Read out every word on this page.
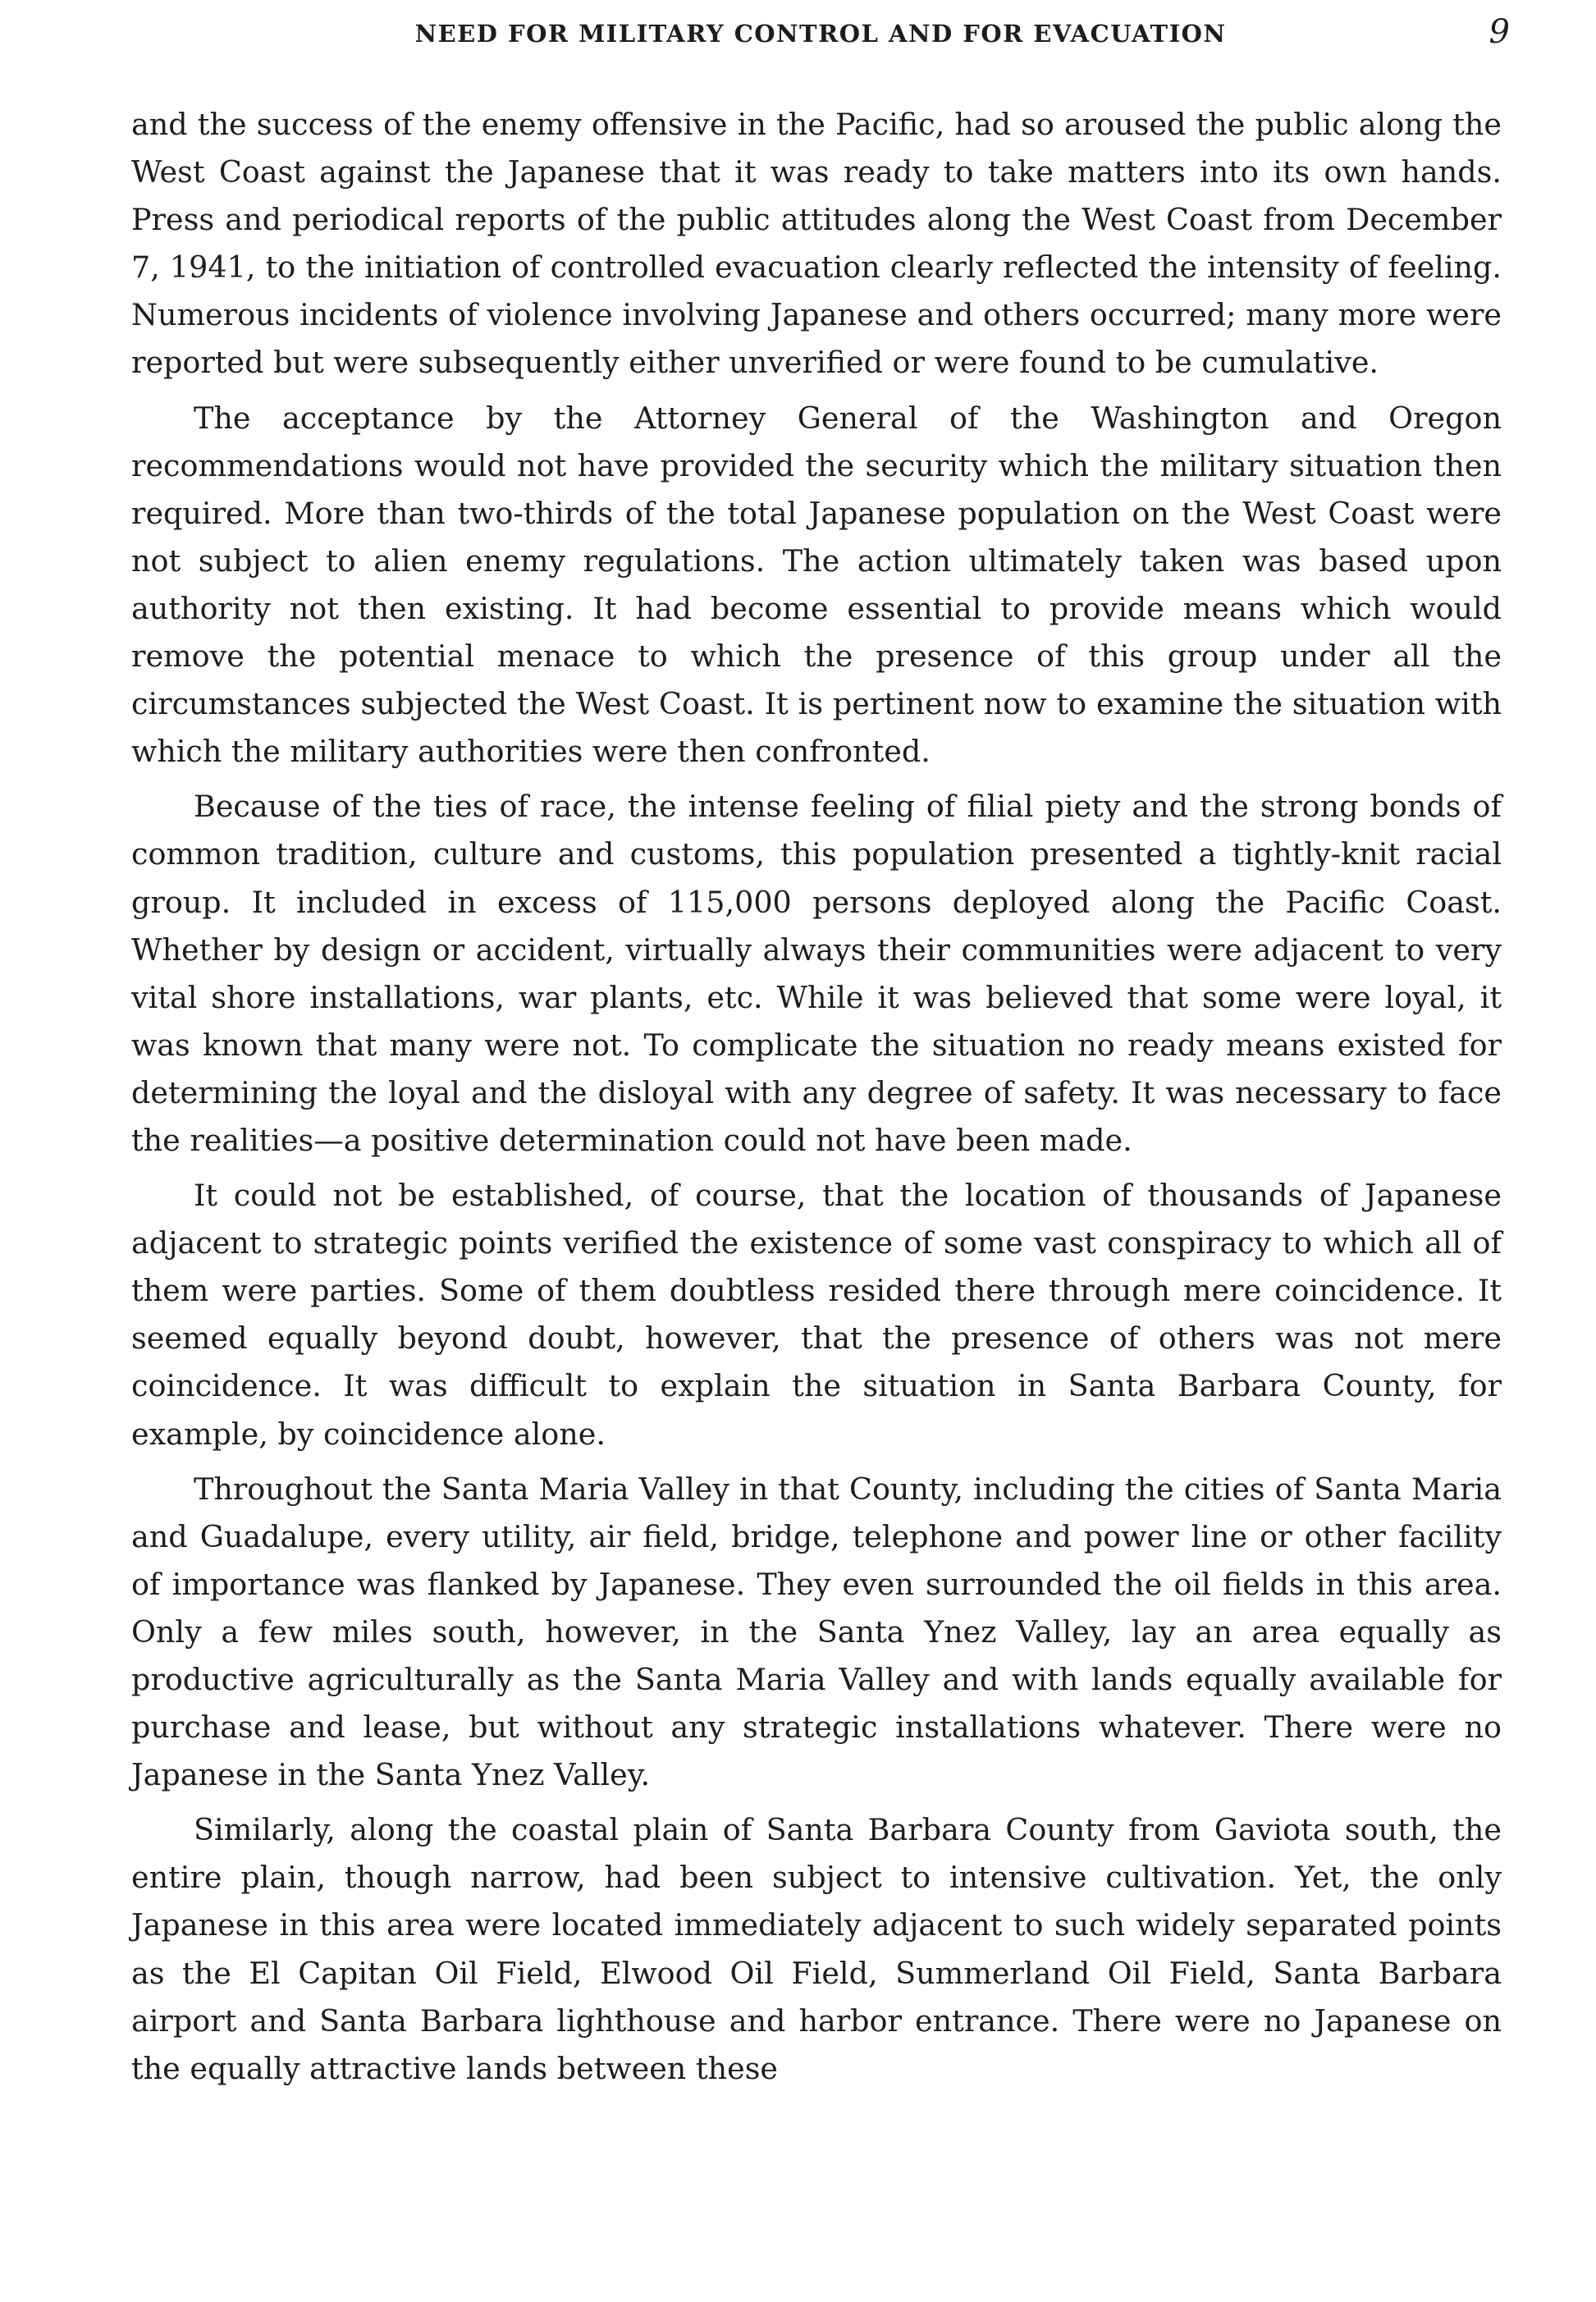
NEED FOR MILITARY CONTROL AND FOR EVACUATION	9

and the success of the enemy offensive in the Pacific, had so aroused the public along the West Coast against the Japanese that it was ready to take matters into its own hands. Press and periodical reports of the public attitudes along the West Coast from December 7, 1941, to the initiation of controlled evacuation clearly reflected the intensity of feeling. Numerous incidents of violence involving Japanese and others occurred; many more were reported but were subsequently either unverified or were found to be cumulative.

The acceptance by the Attorney General of the Washington and Oregon recommendations would not have provided the security which the military situation then required. More than two-thirds of the total Japanese population on the West Coast were not subject to alien enemy regulations. The action ultimately taken was based upon authority not then existing. It had become essential to provide means which would remove the potential menace to which the presence of this group under all the circumstances subjected the West Coast. It is pertinent now to examine the situation with which the military authorities were then confronted.

Because of the ties of race, the intense feeling of filial piety and the strong bonds of common tradition, culture and customs, this population presented a tightly-knit racial group. It included in excess of 115,000 persons deployed along the Pacific Coast. Whether by design or accident, virtually always their communities were adjacent to very vital shore installations, war plants, etc. While it was believed that some were loyal, it was known that many were not. To complicate the situation no ready means existed for determining the loyal and the disloyal with any degree of safety. It was necessary to face the realities—a positive determination could not have been made.

It could not be established, of course, that the location of thousands of Japanese adjacent to strategic points verified the existence of some vast conspiracy to which all of them were parties. Some of them doubtless resided there through mere coincidence. It seemed equally beyond doubt, however, that the presence of others was not mere coincidence. It was difficult to explain the situation in Santa Barbara County, for example, by coincidence alone.

Throughout the Santa Maria Valley in that County, including the cities of Santa Maria and Guadalupe, every utility, air field, bridge, telephone and power line or other facility of importance was flanked by Japanese. They even surrounded the oil fields in this area. Only a few miles south, however, in the Santa Ynez Valley, lay an area equally as productive agriculturally as the Santa Maria Valley and with lands equally available for purchase and lease, but without any strategic installations whatever. There were no Japanese in the Santa Ynez Valley.

Similarly, along the coastal plain of Santa Barbara County from Gaviota south, the entire plain, though narrow, had been subject to intensive cultivation. Yet, the only Japanese in this area were located immediately adjacent to such widely separated points as the El Capitan Oil Field, Elwood Oil Field, Summerland Oil Field, Santa Barbara airport and Santa Barbara lighthouse and harbor entrance. There were no Japanese on the equally attractive lands between these
